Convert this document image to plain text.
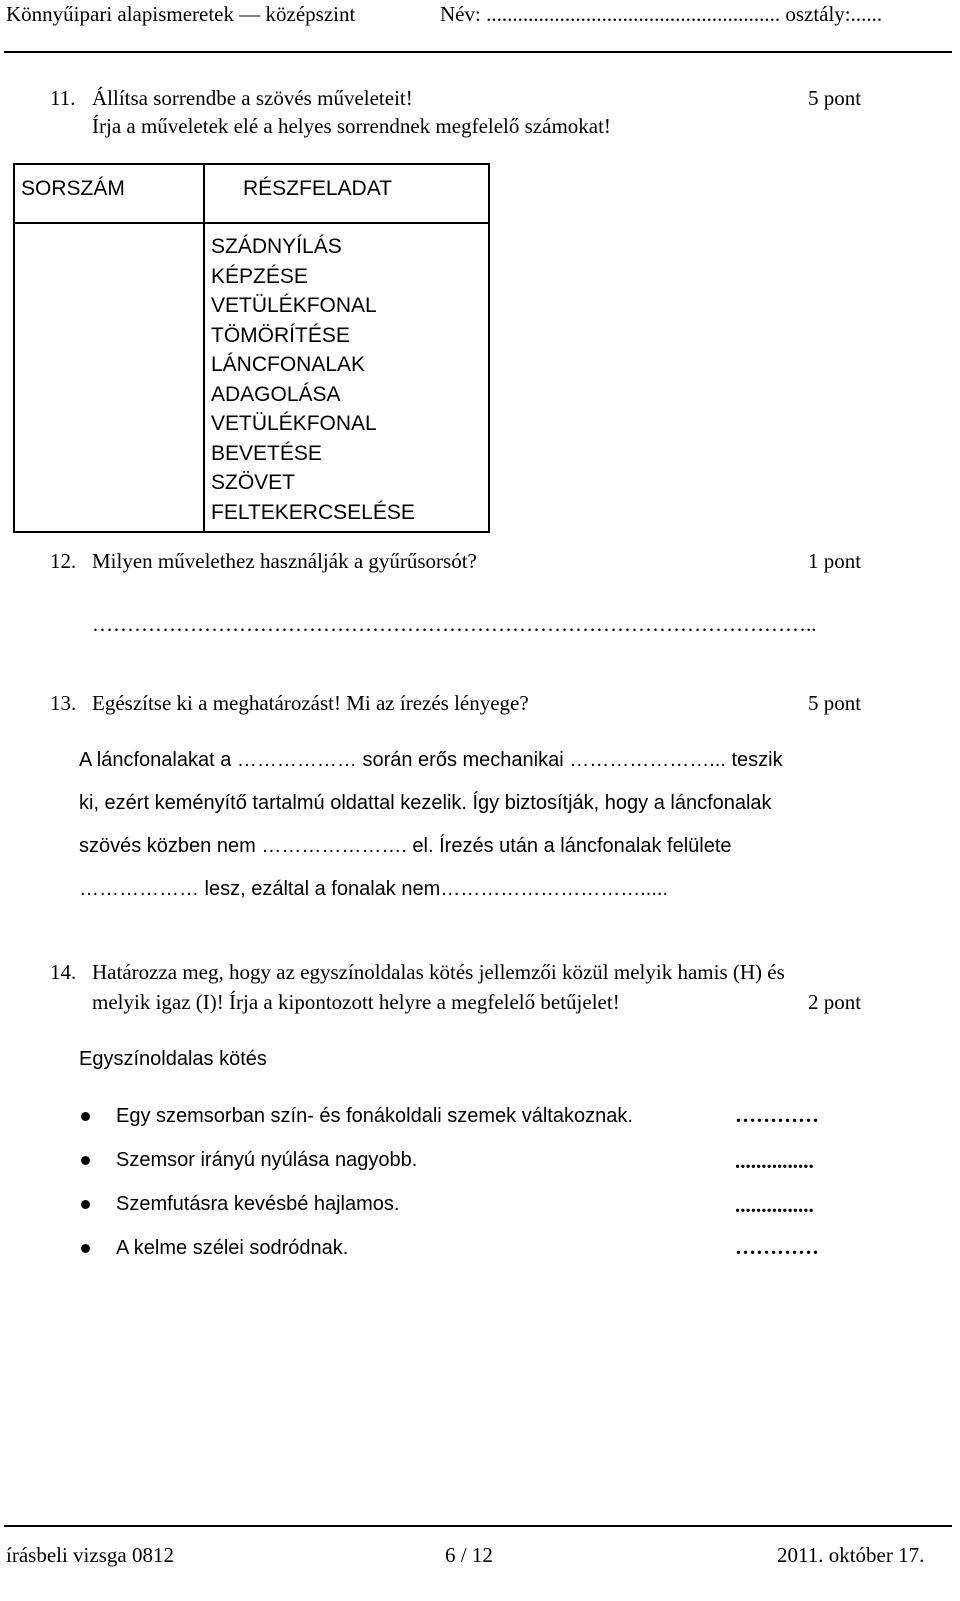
Könnyűipari alapismeretek — középszint	Név: ........................................................ osztály:......
11. Állítsa sorrendbe a szövés műveleteit!	5 pont
Írja a műveletek elé a helyes sorrendnek megfelelő számokat!
SORSZÁM	RÉSZFELADAT

	SZÁDNYÍLÁS KÉPZÉSE
VETÜLÉKFONAL TÖMÖRÍTÉSE
LÁNCFONALAK ADAGOLÁSA
VETÜLÉKFONAL BEVETÉSE
SZÖVET FELTEKERCSELÉSE
12. Milyen művelethez használják a gyűrűsorsót?	1 pont
…………………………………………………………………………………………..
13. Egészítse ki a meghatározást! Mi az írezés lényege?	5 pont
A láncfonalakat a ……………… során erős mechanikai …………………... teszik
ki, ezért keményítő tartalmú oldattal kezelik. Így biztosítják, hogy a láncfonalak
szövés közben nem …………………. el. Írezés után a láncfonalak felülete
……………… lesz, ezáltal a fonalak nem………………………….....
14. Határozza meg, hogy az egyszínoldalas kötés jellemzői közül melyik hamis (H) és
melyik igaz (I)! Írja a kipontozott helyre a megfelelő betűjelet!	2 pont
Egyszínoldalas kötés
Egy szemsorban szín- és fonákoldali szemek váltakoznak.	…………
Szemsor irányú nyúlása nagyobb.	...............
Szemfutásra kevésbé hajlamos.	...............
A kelme szélei sodródnak.	…………
írásbeli vizsga 0812	6 / 12	2011. október 17.
